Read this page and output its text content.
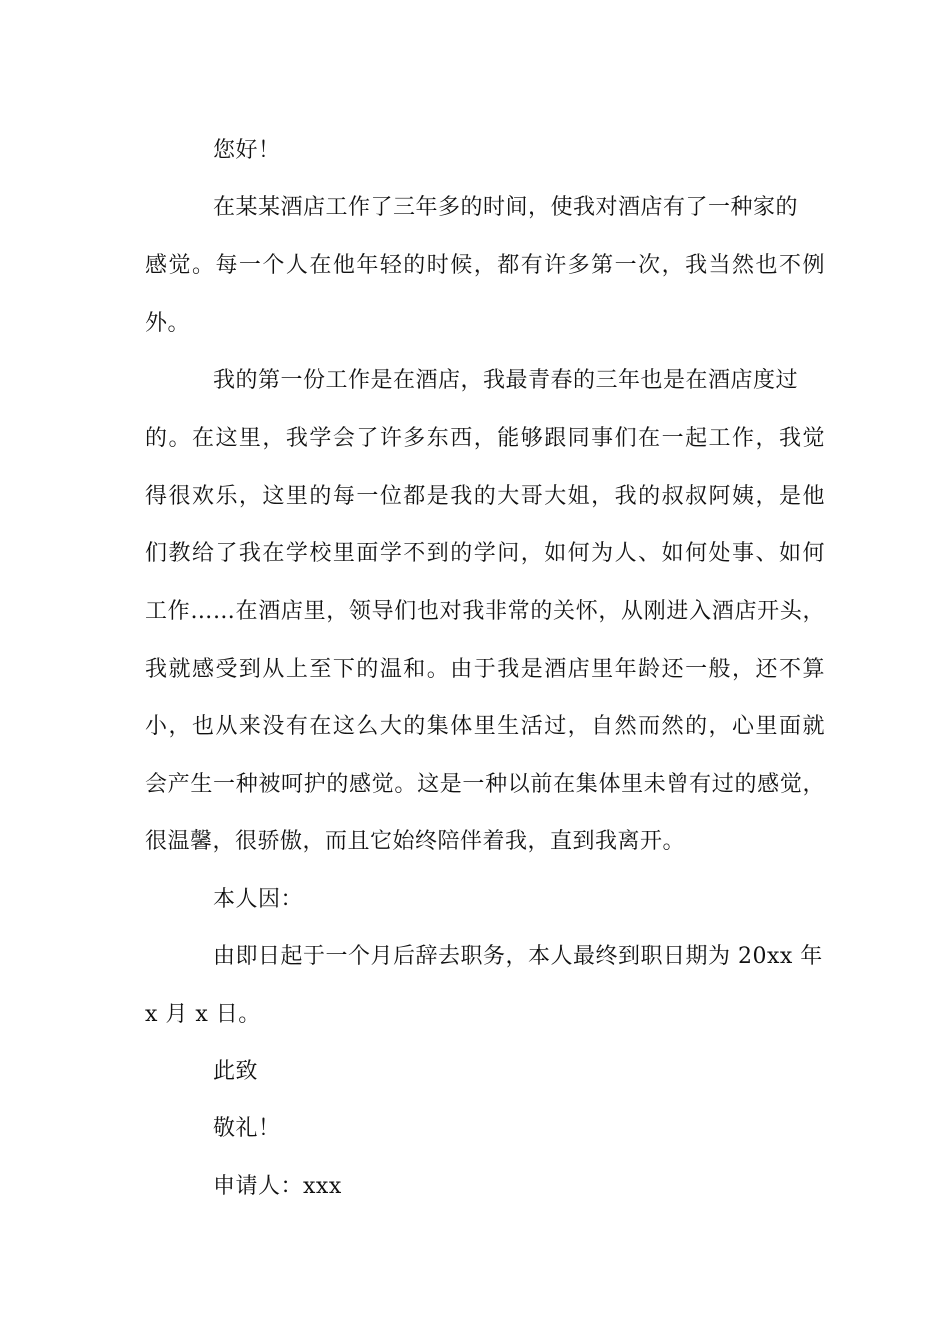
您好！
在某某酒店工作了三年多的时间，使我对酒店有了一种家的
感觉。每一个人在他年轻的时候，都有许多第一次，我当然也不例
外。
我的第一份工作是在酒店，我最青春的三年也是在酒店度过
的。在这里，我学会了许多东西，能够跟同事们在一起工作，我觉
得很欢乐，这里的每一位都是我的大哥大姐，我的叔叔阿姨，是他
们教给了我在学校里面学不到的学问，如何为人、如何处事、如何
工作……在酒店里，领导们也对我非常的关怀，从刚进入酒店开头，
我就感受到从上至下的温和。由于我是酒店里年龄还一般，还不算
小，也从来没有在这么大的集体里生活过，自然而然的，心里面就
会产生一种被呵护的感觉。这是一种以前在集体里未曾有过的感觉，
很温馨，很骄傲，而且它始终陪伴着我，直到我离开。
本人因：
由即日起于一个月后辞去职务，本人最终到职日期为 20xx 年
x 月 x 日。
此致
敬礼！
申请人：xxx
